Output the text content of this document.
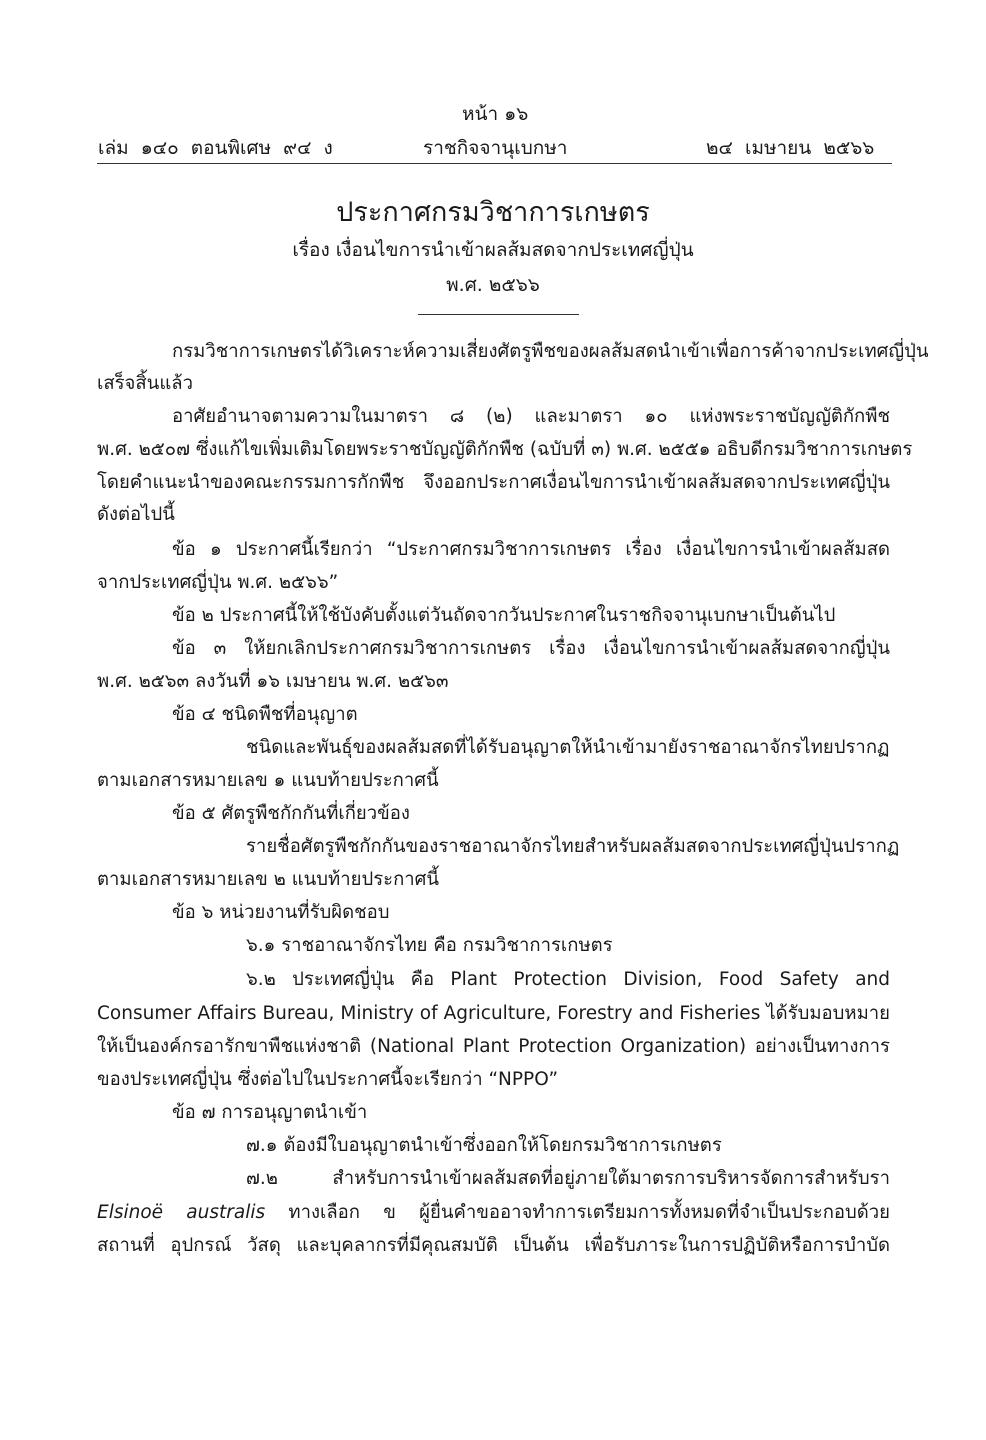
หน้า ๑๖
เล่ม ๑๔๐ ตอนพิเศษ ๙๔ ง	ราชกิจจานุเบกษา	๒๔ เมษายน ๒๕๖๖
ประกาศกรมวิชาการเกษตร
เรื่อง เงื่อนไขการนำเข้าผลส้มสดจากประเทศญี่ปุ่น
พ.ศ. ๒๕๖๖
กรมวิชาการเกษตรได้วิเคราะห์ความเสี่ยงศัตรูพืชของผลส้มสดนำเข้าเพื่อการค้าจากประเทศญี่ปุ่น
เสร็จสิ้นแล้ว
อาศัยอำนาจตามความในมาตรา ๘ (๒) และมาตรา ๑๐ แห่งพระราชบัญญัติกักพืช
พ.ศ. ๒๕๐๗ ซึ่งแก้ไขเพิ่มเติมโดยพระราชบัญญัติกักพืช (ฉบับที่ ๓) พ.ศ. ๒๕๕๑ อธิบดีกรมวิชาการเกษตร
โดยคำแนะนำของคณะกรรมการกักพืช จึงออกประกาศเงื่อนไขการนำเข้าผลส้มสดจากประเทศญี่ปุ่น
ดังต่อไปนี้
ข้อ ๑ ประกาศนี้เรียกว่า “ประกาศกรมวิชาการเกษตร เรื่อง เงื่อนไขการนำเข้าผลส้มสด
จากประเทศญี่ปุ่น พ.ศ. ๒๕๖๖”
ข้อ ๒ ประกาศนี้ให้ใช้บังคับตั้งแต่วันถัดจากวันประกาศในราชกิจจานุเบกษาเป็นต้นไป
ข้อ ๓ ให้ยกเลิกประกาศกรมวิชาการเกษตร เรื่อง เงื่อนไขการนำเข้าผลส้มสดจากญี่ปุ่น
พ.ศ. ๒๕๖๓ ลงวันที่ ๑๖ เมษายน พ.ศ. ๒๕๖๓
ข้อ ๔ ชนิดพืชที่อนุญาต
ชนิดและพันธุ์ของผลส้มสดที่ได้รับอนุญาตให้นำเข้ามายังราชอาณาจักรไทยปรากฏ
ตามเอกสารหมายเลข ๑ แนบท้ายประกาศนี้
ข้อ ๕ ศัตรูพืชกักกันที่เกี่ยวข้อง
รายชื่อศัตรูพืชกักกันของราชอาณาจักรไทยสำหรับผลส้มสดจากประเทศญี่ปุ่นปรากฏ
ตามเอกสารหมายเลข ๒ แนบท้ายประกาศนี้
ข้อ ๖ หน่วยงานที่รับผิดชอบ
๖.๑ ราชอาณาจักรไทย คือ กรมวิชาการเกษตร
๖.๒ ประเทศญี่ปุ่น คือ Plant Protection Division, Food Safety and
Consumer Affairs Bureau, Ministry of Agriculture, Forestry and Fisheries ได้รับมอบหมาย
ให้เป็นองค์กรอารักขาพืชแห่งชาติ (National Plant Protection Organization) อย่างเป็นทางการ
ของประเทศญี่ปุ่น ซึ่งต่อไปในประกาศนี้จะเรียกว่า “NPPO”
ข้อ ๗ การอนุญาตนำเข้า
๗.๑ ต้องมีใบอนุญาตนำเข้าซึ่งออกให้โดยกรมวิชาการเกษตร
๗.๒ สำหรับการนำเข้าผลส้มสดที่อยู่ภายใต้มาตรการบริหารจัดการสำหรับรา
Elsinoë australis ทางเลือก ข ผู้ยื่นคำขออาจทำการเตรียมการทั้งหมดที่จำเป็นประกอบด้วย
สถานที่ อุปกรณ์ วัสดุ และบุคลากรที่มีคุณสมบัติ เป็นต้น เพื่อรับภาระในการปฏิบัติหรือการบำบัด
